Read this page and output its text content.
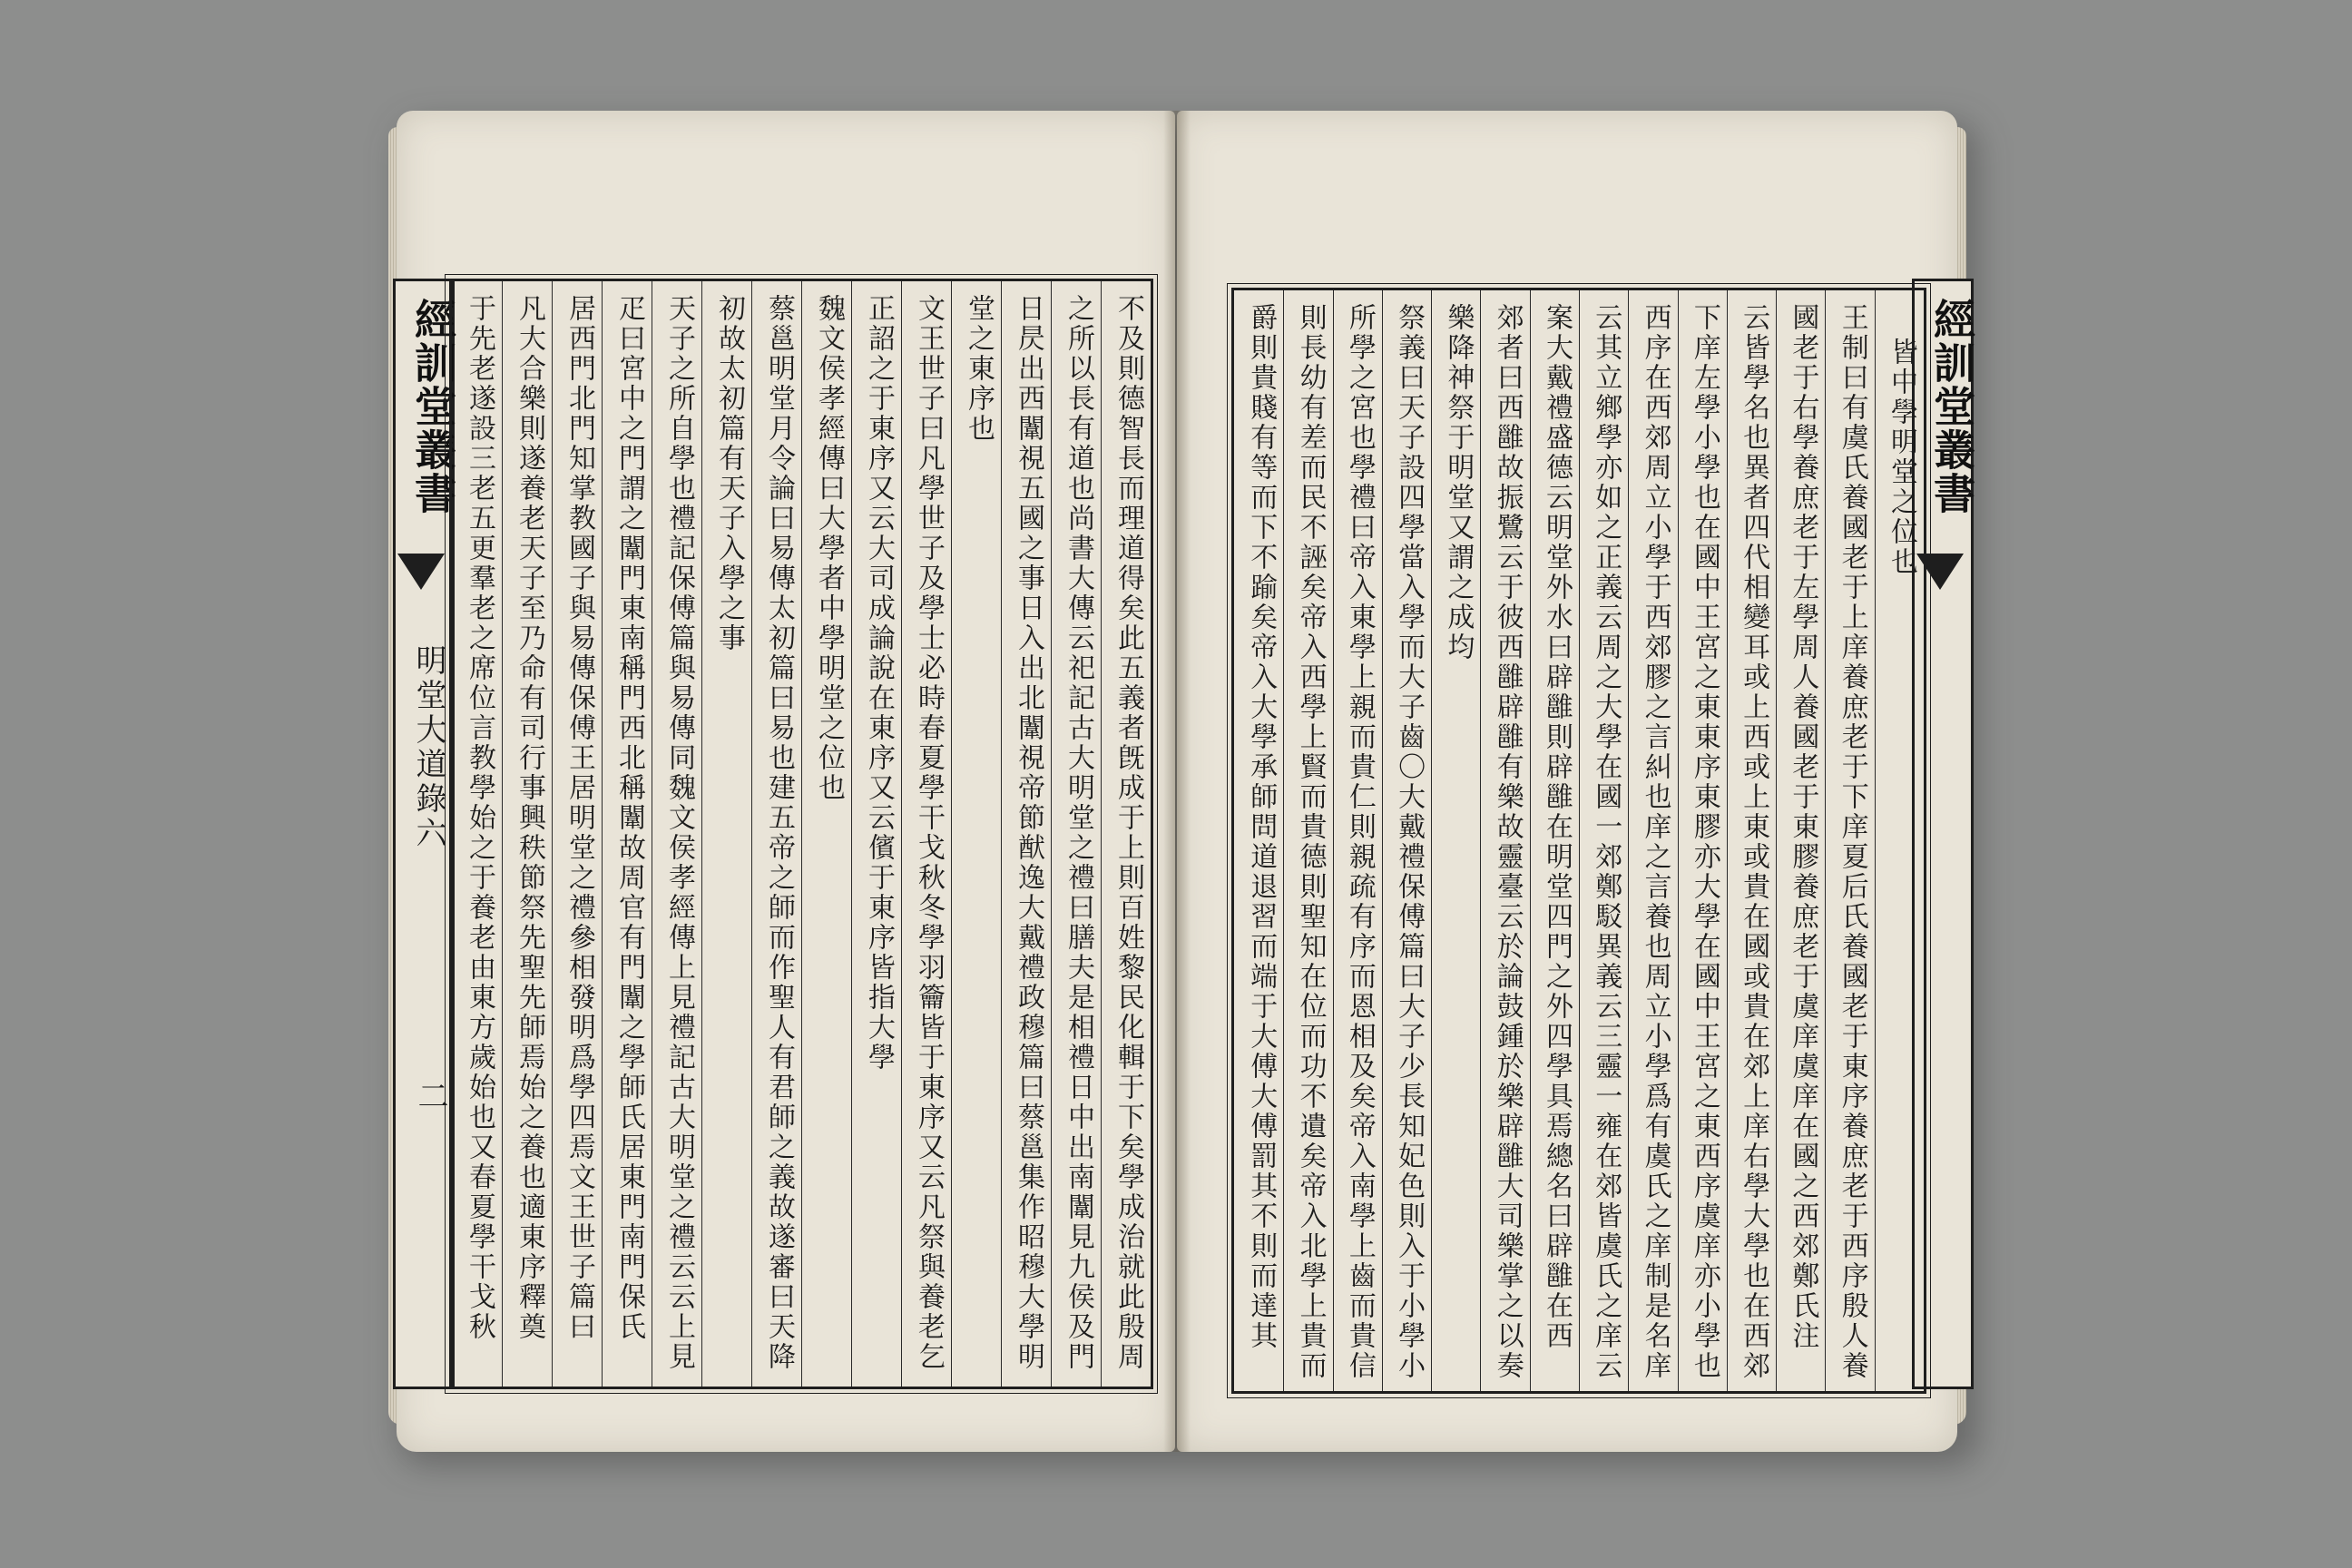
經訓堂叢書
明堂大道錄六
二	不及則德智長而理道得矣此五義者旣成于上則百姓黎民化輯于下矣學成治就此殷周
之所以長有道也尚書大傳云祀記古大明堂之禮曰膳夫是相禮日中出南闈見九侯及門
日昃出西闈視五國之事日入出北闈視帝節猷逸大戴禮政穆篇曰蔡邕集作昭穆大學明
堂之東序也
文王世子曰凡學世子及學士必時春夏學干戈秋冬學羽籥皆于東序又云凡祭與養老乞
正詔之于東序又云大司成論說在東序又云儐于東序皆指大學
魏文侯孝經傳曰大學者中學明堂之位也
蔡邕明堂月令論曰易傳太初篇曰易也建五帝之師而作聖人有君師之義故遂審曰天降
初故太初篇有天子入學之事
天子之所自學也禮記保傅篇與易傳同魏文侯孝經傳上見禮記古大明堂之禮云云上見
疋曰宮中之門謂之闈門東南稱門西北稱闈故周官有門闈之學師氏居東門南門保氏
居西門北門知掌教國子與易傳保傅王居明堂之禮參相發明爲學四焉文王世子篇曰
凡大合樂則遂養老天子至乃命有司行事興秩節祭先聖先師焉始之養也適東序釋奠
于先老遂設三老五更羣老之席位言教學始之于養老由東方歲始也又春夏學干戈秋	經訓堂叢書
皆中學明堂之位也
王制曰有虞氏養國老于上庠養庶老于下庠夏后氏養國老于東序養庶老于西序殷人養
國老于右學養庶老于左學周人養國老于東膠養庶老于虞庠虞庠在國之西郊鄭氏注
云皆學名也異者四代相變耳或上西或上東或貴在國或貴在郊上庠右學大學也在西郊
下庠左學小學也在國中王宮之東東序東膠亦大學在國中王宮之東西序虞庠亦小學也
西序在西郊周立小學于西郊膠之言糾也庠之言養也周立小學爲有虞氏之庠制是名庠
云其立鄉學亦如之正義云周之大學在國一郊鄭駁異義云三靈一雍在郊皆虞氏之庠云
案大戴禮盛德云明堂外水曰辟雝則辟雝在明堂四門之外四學具焉總名曰辟雝在西
郊者曰西雝故振鷺云于彼西雝辟雝有樂故靈臺云於論鼓鍾於樂辟雝大司樂掌之以奏
樂降神祭于明堂又謂之成均
祭義曰天子設四學當入學而大子齒〇大戴禮保傅篇曰大子少長知妃色則入于小學小
所學之宮也學禮曰帝入東學上親而貴仁則親疏有序而恩相及矣帝入南學上齒而貴信
則長幼有差而民不誣矣帝入西學上賢而貴德則聖知在位而功不遺矣帝入北學上貴而
爵則貴賤有等而下不踰矣帝入大學承師問道退習而端于大傅大傅罰其不則而達其
